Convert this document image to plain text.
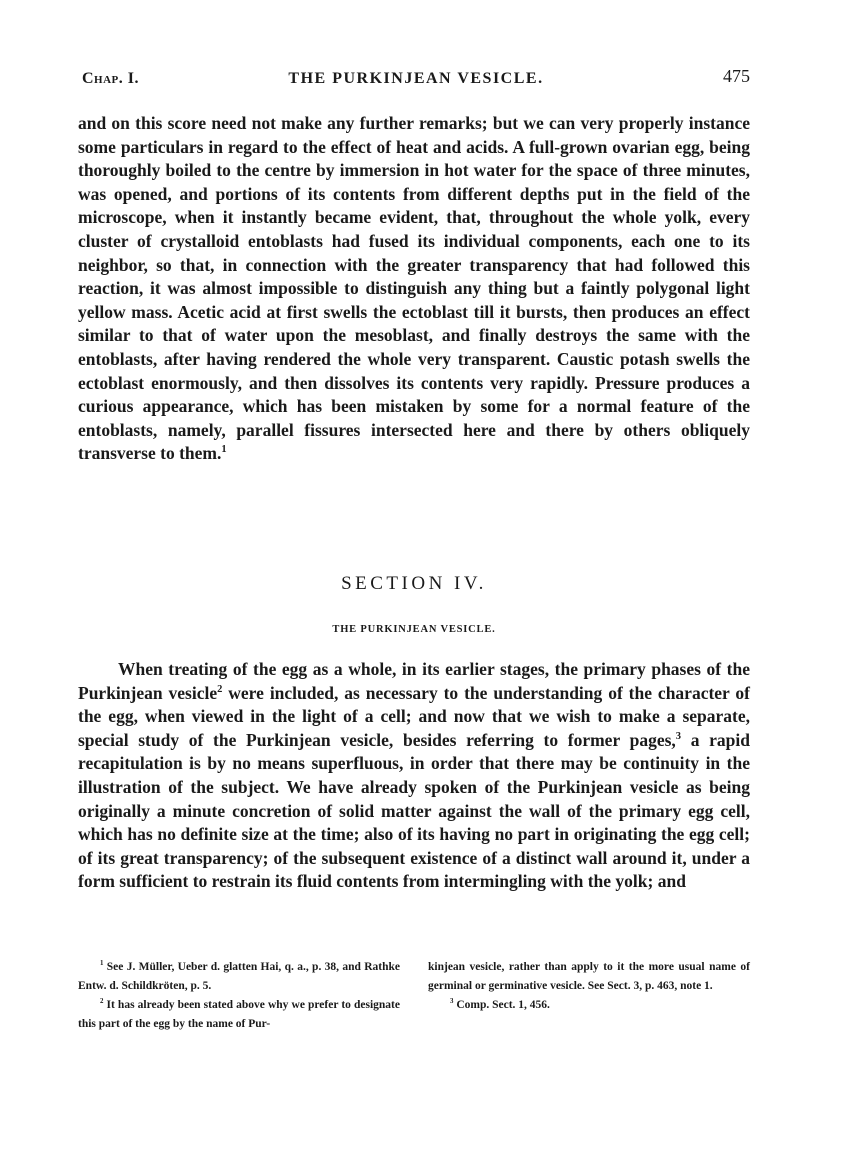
Chap. I.	THE PURKINJEAN VESICLE.	475

and on this score need not make any further remarks; but we can very properly instance some particulars in regard to the effect of heat and acids. A full-grown ovarian egg, being thoroughly boiled to the centre by immersion in hot water for the space of three minutes, was opened, and portions of its contents from different depths put in the field of the microscope, when it instantly became evident, that, throughout the whole yolk, every cluster of crystalloid entoblasts had fused its individual components, each one to its neighbor, so that, in connection with the greater transparency that had followed this reaction, it was almost impossible to distinguish any thing but a faintly polygonal light yellow mass. Acetic acid at first swells the ectoblast till it bursts, then produces an effect similar to that of water upon the mesoblast, and finally destroys the same with the entoblasts, after having rendered the whole very transparent. Caustic potash swells the ectoblast enormously, and then dissolves its contents very rapidly. Pressure produces a curious appearance, which has been mistaken by some for a normal feature of the entoblasts, namely, parallel fissures intersected here and there by others obliquely transverse to them.$^1$

SECTION IV.
THE PURKINJEAN VESICLE.

When treating of the egg as a whole, in its earlier stages, the primary phases of the Purkinjean vesicle$^2$ were included, as necessary to the understanding of the character of the egg, when viewed in the light of a cell; and now that we wish to make a separate, special study of the Purkinjean vesicle, besides referring to former pages,$^3$ a rapid recapitulation is by no means superfluous, in order that there may be continuity in the illustration of the subject. We have already spoken of the Purkinjean vesicle as being originally a minute concretion of solid matter against the wall of the primary egg cell, which has no definite size at the time; also of its having no part in originating the egg cell; of its great transparency; of the subsequent existence of a distinct wall around it, under a form sufficient to restrain its fluid contents from intermingling with the yolk; and

$^1$ See J. Müller, Ueber d. glatten Hai, q. a., p. 38, and Rathke Entw. d. Schildkröten, p. 5.

$^2$ It has already been stated above why we prefer to designate this part of the egg by the name of Pur-

kinjean vesicle, rather than apply to it the more usual name of germinal or germinative vesicle. See Sect. 3, p. 463, note 1.

$^3$ Comp. Sect. 1, 456.
